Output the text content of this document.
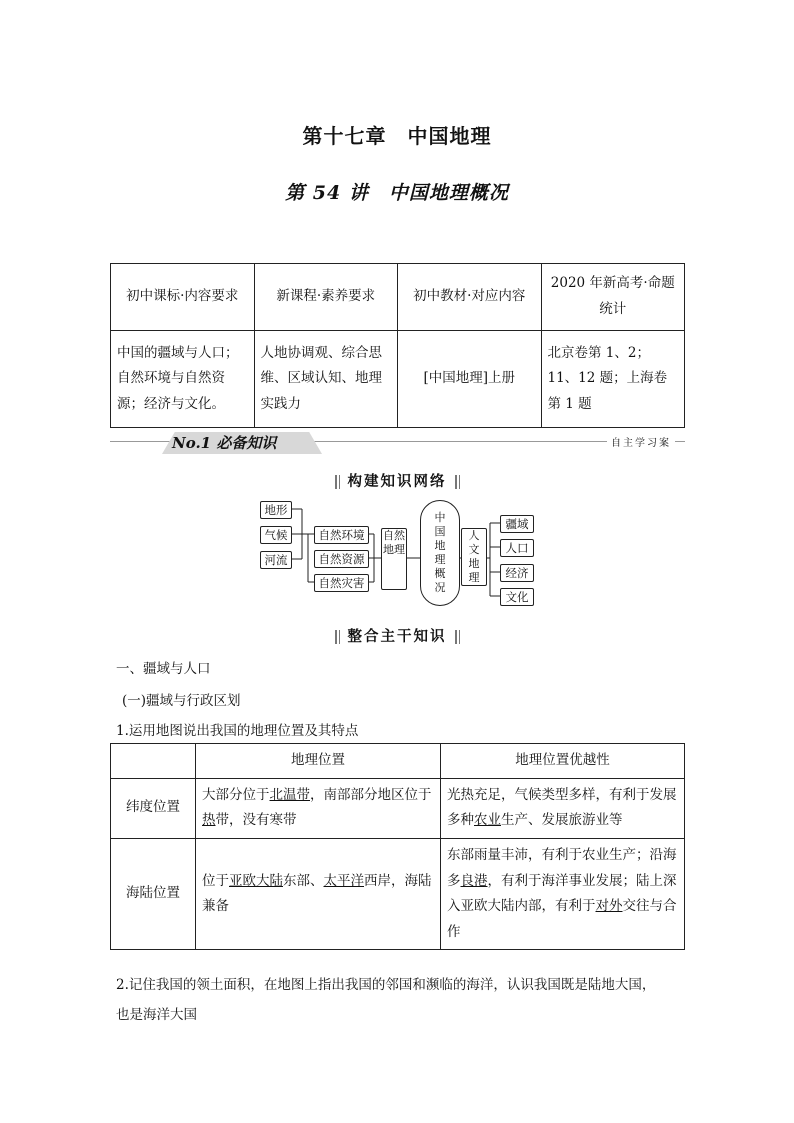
第十七章　中国地理
第 54 讲　中国地理概况
初中课标·内容要求	新课程·素养要求	初中教材·对应内容	2020 年新高考·命题统计
中国的疆域与人口；自然环境与自然资源；经济与文化。	人地协调观、综合思维、区域认知、地理实践力	[中国地理]上册	北京卷第 1、2；11、12 题；上海卷第 1 题
No.1 必备知识	自主学习案
构建知识网络
地形
气候
河流
自然环境
自然资源
自然灾害
自然地理
中国地理概况
人文地理
疆域
人口
经济
文化
整合主干知识
一、疆域与人口
(一)疆域与行政区划
1.运用地图说出我国的地理位置及其特点
	地理位置	地理位置优越性
纬度位置	大部分位于北温带，南部部分地区位于热带，没有寒带	光热充足，气候类型多样，有利于发展多种农业生产、发展旅游业等
海陆位置	位于亚欧大陆东部、太平洋西岸，海陆兼备	东部雨量丰沛，有利于农业生产；沿海多良港，有利于海洋事业发展；陆上深入亚欧大陆内部，有利于对外交往与合作
2.记住我国的领土面积，在地图上指出我国的邻国和濒临的海洋，认识我国既是陆地大国，
也是海洋大国
